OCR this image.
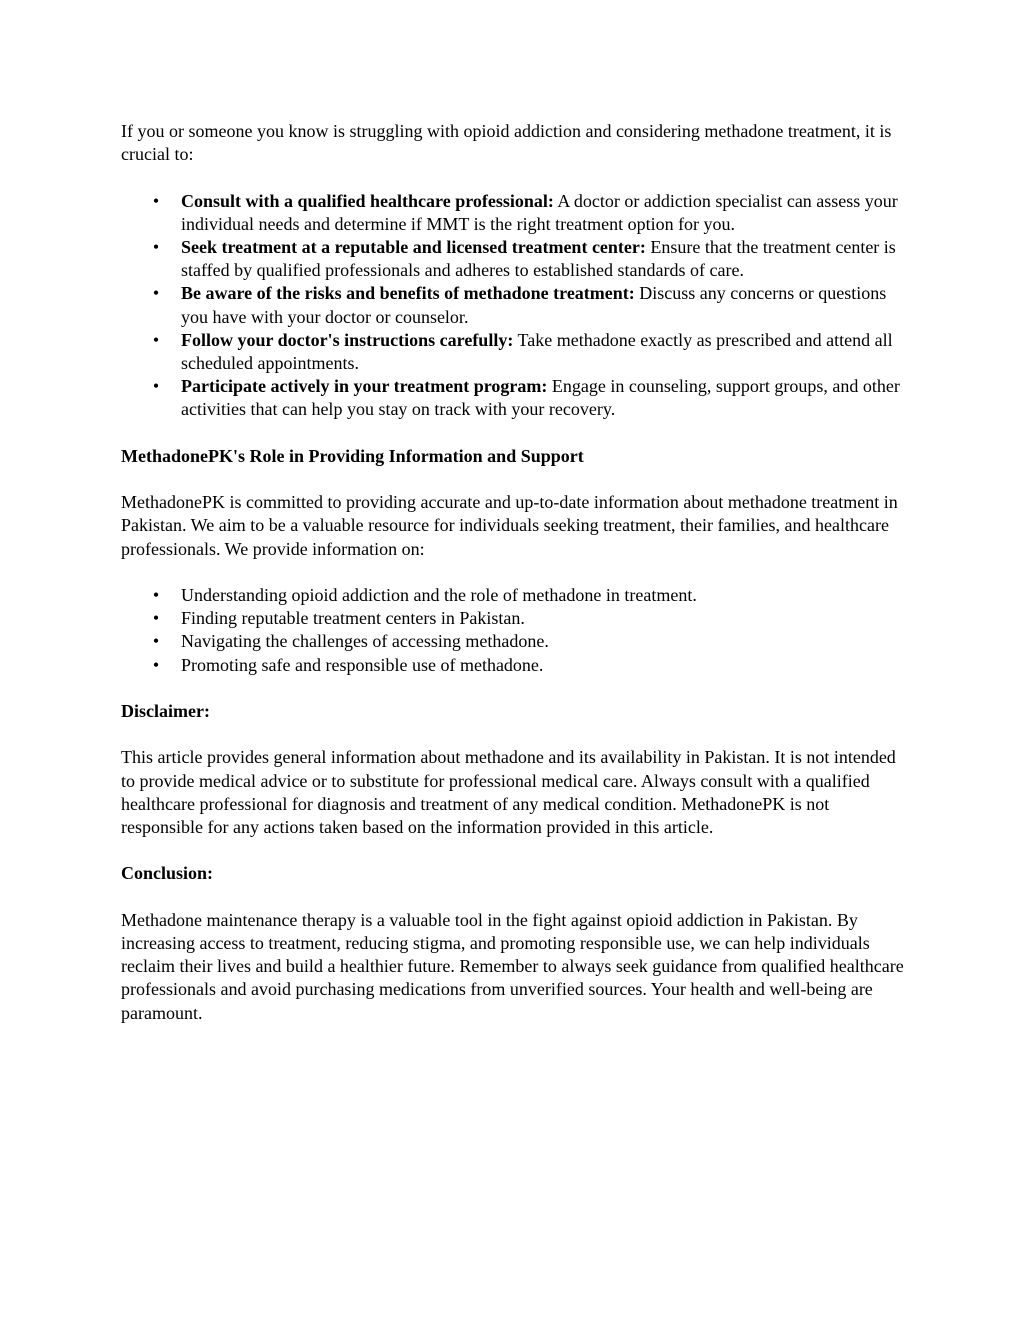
If you or someone you know is struggling with opioid addiction and considering methadone treatment, it is crucial to:

• Consult with a qualified healthcare professional: A doctor or addiction specialist can assess your individual needs and determine if MMT is the right treatment option for you.
• Seek treatment at a reputable and licensed treatment center: Ensure that the treatment center is staffed by qualified professionals and adheres to established standards of care.
• Be aware of the risks and benefits of methadone treatment: Discuss any concerns or questions you have with your doctor or counselor.
• Follow your doctor's instructions carefully: Take methadone exactly as prescribed and attend all scheduled appointments.
• Participate actively in your treatment program: Engage in counseling, support groups, and other activities that can help you stay on track with your recovery.
MethadonePK's Role in Providing Information and Support

MethadonePK is committed to providing accurate and up-to-date information about methadone treatment in Pakistan. We aim to be a valuable resource for individuals seeking treatment, their families, and healthcare professionals. We provide information on:

• Understanding opioid addiction and the role of methadone in treatment.
• Finding reputable treatment centers in Pakistan.
• Navigating the challenges of accessing methadone.
• Promoting safe and responsible use of methadone.
Disclaimer:

This article provides general information about methadone and its availability in Pakistan. It is not intended to provide medical advice or to substitute for professional medical care. Always consult with a qualified healthcare professional for diagnosis and treatment of any medical condition. MethadonePK is not responsible for any actions taken based on the information provided in this article.

Conclusion:

Methadone maintenance therapy is a valuable tool in the fight against opioid addiction in Pakistan. By increasing access to treatment, reducing stigma, and promoting responsible use, we can help individuals reclaim their lives and build a healthier future. Remember to always seek guidance from qualified healthcare professionals and avoid purchasing medications from unverified sources. Your health and well-being are paramount.
